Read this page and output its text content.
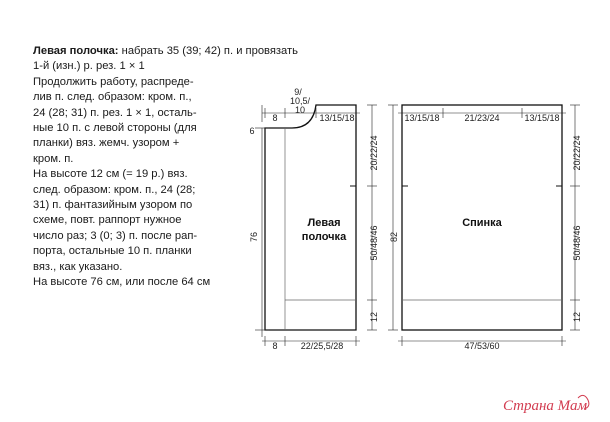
Левая полочка: набрать 35 (39; 42) п. и провязать
1-й (изн.) р. рез. 1 × 1
Продолжить работу, распреде-
лив п. след. образом: кром. п.,
24 (28; 31) п. рез. 1 × 1, осталь-
ные 10 п. с левой стороны (для
планки) вяз. жемч. узором +
кром. п.
На высоте 12 см (= 19 р.) вяз.
след. образом: кром. п., 24 (28;
31) п. фантазийным узором по
схеме, повт. раппорт нужное
число раз; 3 (0; 3) п. после рап-
порта, остальные 10 п. планки
вяз., как указано.
На высоте 76 см, или после 64 см
9/
10,5/
10
8	13/15/18
6
76
20/22/24
50/48/46
12
8	22/25,5/28
Левая
полочка
13/15/18	21/23/24	13/15/18
82
20/22/24
50/48/46
12
47/53/60
Спинка
Страна Мам
